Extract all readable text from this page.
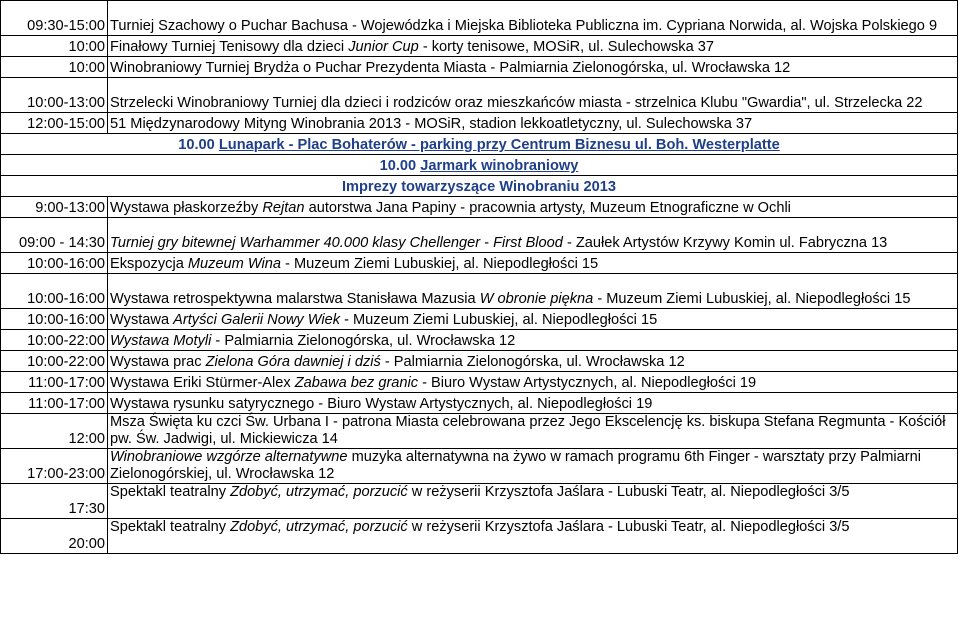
09:30-15:00	Turniej Szachowy o Puchar Bachusa - Wojewódzka i Miejska Biblioteka Publiczna im. Cypriana Norwida, al. Wojska Polskiego 9
10:00	Finałowy Turniej Tenisowy dla dzieci Junior Cup - korty tenisowe, MOSiR, ul. Sulechowska 37
10:00	Winobraniowy Turniej Brydża o Puchar Prezydenta Miasta - Palmiarnia Zielonogórska, ul. Wrocławska 12
10:00-13:00	Strzelecki Winobraniowy Turniej dla dzieci i rodziców oraz mieszkańców miasta - strzelnica Klubu "Gwardia", ul. Strzelecka 22
12:00-15:00	51 Międzynarodowy Mityng Winobrania 2013 - MOSiR, stadion lekkoatletyczny, ul. Sulechowska 37
10.00 Lunapark - Plac Bohaterów - parking przy Centrum Biznesu ul. Boh. Westerplatte	
10.00 Jarmark winobraniowy	
Imprezy towarzyszące Winobraniu 2013	
9:00-13:00	Wystawa płaskorzeźby Rejtan autorstwa Jana Papiny - pracownia artysty, Muzeum Etnograficzne w Ochli
09:00 - 14:30	Turniej gry bitewnej Warhammer 40.000 klasy Chellenger - First Blood - Zaułek Artystów Krzywy Komin ul. Fabryczna 13
10:00-16:00	Ekspozycja Muzeum Wina - Muzeum Ziemi Lubuskiej, al. Niepodległości 15
10:00-16:00	Wystawa retrospektywna malarstwa Stanisława Mazusia W obronie piękna - Muzeum Ziemi Lubuskiej, al. Niepodległości 15
10:00-16:00	Wystawa Artyści Galerii Nowy Wiek - Muzeum Ziemi Lubuskiej, al. Niepodległości 15
10:00-22:00	Wystawa Motyli - Palmiarnia Zielonogórska, ul. Wrocławska 12
10:00-22:00	Wystawa prac Zielona Góra dawniej i dziś - Palmiarnia Zielonogórska, ul. Wrocławska 12
11:00-17:00	Wystawa Eriki Stürmer-Alex Zabawa bez granic - Biuro Wystaw Artystycznych, al. Niepodległości 19
11:00-17:00	Wystawa rysunku satyrycznego - Biuro Wystaw Artystycznych, al. Niepodległości 19
12:00	Msza Święta ku czci Św. Urbana I - patrona Miasta celebrowana przez Jego Ekscelencję ks. biskupa Stefana Regmunta - Kościół pw. Św. Jadwigi, ul. Mickiewicza 14
17:00-23:00	Winobraniowe wzgórze alternatywne muzyka alternatywna na żywo w ramach programu 6th Finger - warsztaty przy Palmiarni Zielonogórskiej, ul. Wrocławska 12
17:30	Spektakl teatralny Zdobyć, utrzymać, porzucić w reżyserii Krzysztofa Jaślara - Lubuski Teatr, al. Niepodległości 3/5
20:00	Spektakl teatralny Zdobyć, utrzymać, porzucić w reżyserii Krzysztofa Jaślara - Lubuski Teatr, al. Niepodległości 3/5
